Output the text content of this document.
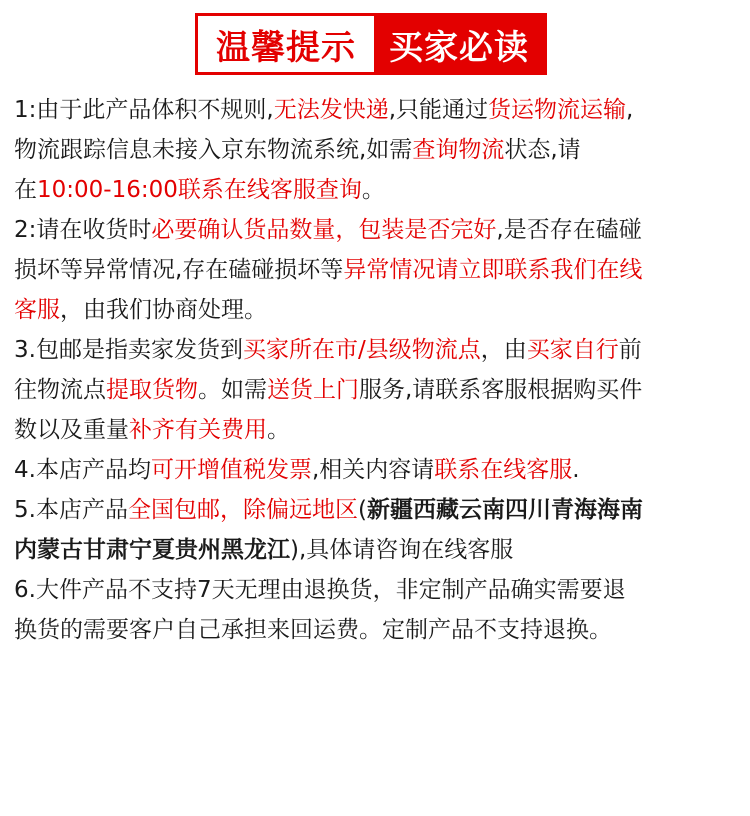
温馨提示 买家必读
1:由于此产品体积不规则,无法发快递,只能通过货运物流运输,
物流跟踪信息未接入京东物流系统,如需查询物流状态,请
在10:00-16:00联系在线客服查询。
2:请在收货时必要确认货品数量，包装是否完好,是否存在磕碰
损坏等异常情况,存在磕碰损坏等异常情况请立即联系我们在线
客服，由我们协商处理。
3.包邮是指卖家发货到买家所在市/县级物流点，由买家自行前
往物流点提取货物。如需送货上门服务,请联系客服根据购买件
数以及重量补齐有关费用。
4.本店产品均可开增值税发票,相关内容请联系在线客服.
5.本店产品全国包邮，除偏远地区(新疆西藏云南四川青海海南
内蒙古甘肃宁夏贵州黑龙江),具体请咨询在线客服
6.大件产品不支持7天无理由退换货，非定制产品确实需要退
换货的需要客户自己承担来回运费。定制产品不支持退换。
